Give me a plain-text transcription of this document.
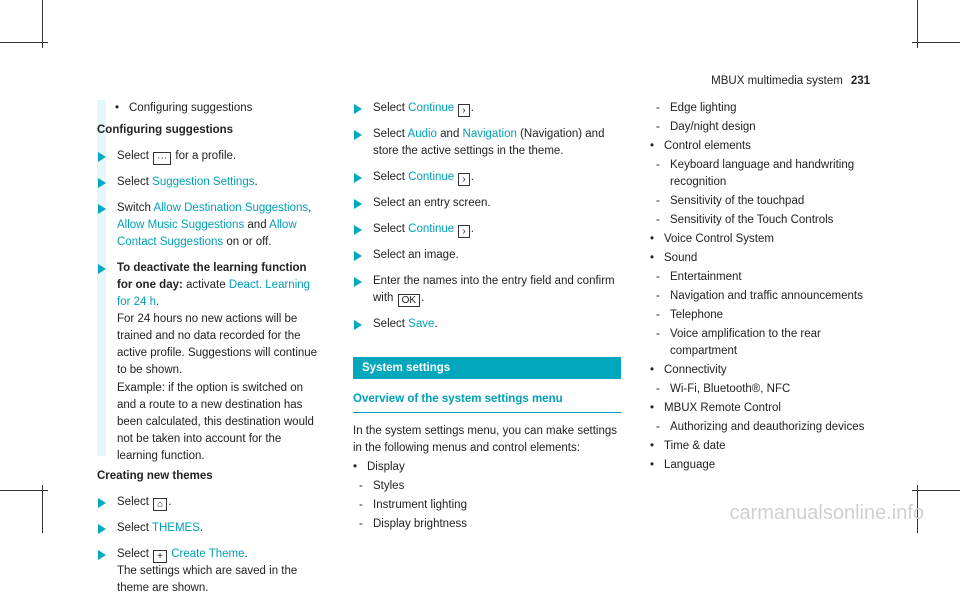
MBUX multimedia system 231
• Configuring suggestions
Configuring suggestions
Select ⋯ for a profile.
Select Suggestion Settings.
Switch Allow Destination Suggestions, Allow Music Suggestions and Allow Contact Suggestions on or off.
To deactivate the learning function for one day: activate Deact. Learning for 24 h.
For 24 hours no new actions will be trained and no data recorded for the active profile. Suggestions will continue to be shown.
Example: if the option is switched on and a route to a new destination has been calculated, this destination would not be taken into account for the learning function.
Creating new themes
Select ⌂ .
Select THEMES.
Select + Create Theme.
The settings which are saved in the theme are shown.
Select Continue › .
Select Audio and Navigation (Navigation) and store the active settings in the theme.
Select Continue › .
Select an entry screen.
Select Continue › .
Select an image.
Enter the names into the entry field and confirm with OK .
Select Save.
System settings
Overview of the system settings menu
In the system settings menu, you can make settings in the following menus and control elements:
• Display
- Styles
- Instrument lighting
- Display brightness
- Edge lighting
- Day/night design
• Control elements
- Keyboard language and handwriting recognition
- Sensitivity of the touchpad
- Sensitivity of the Touch Controls
• Voice Control System
• Sound
- Entertainment
- Navigation and traffic announcements
- Telephone
- Voice amplification to the rear compartment
• Connectivity
- Wi-Fi, Bluetooth®, NFC
• MBUX Remote Control
- Authorizing and deauthorizing devices
• Time & date
• Language
carmanualsonline.info
